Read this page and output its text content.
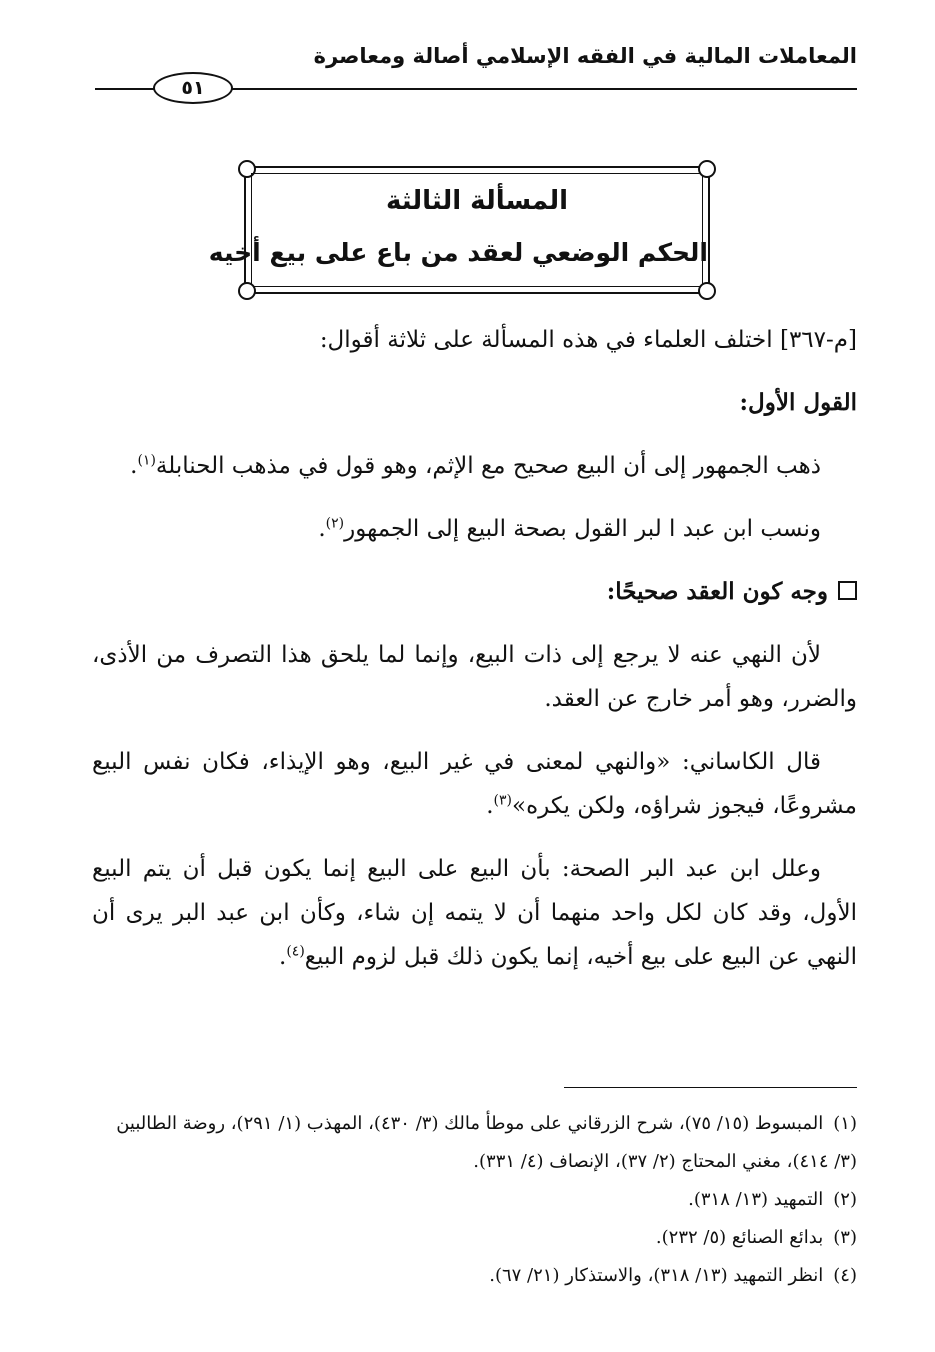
المعاملات المالية في الفقه الإسلامي أصالة ومعاصرة
٥١
المسألة الثالثة
الحكم الوضعي لعقد من باع على بيع أخيه

[م-٣٦٧] اختلف العلماء في هذه المسألة على ثلاثة أقوال:

القول الأول:

ذهب الجمهور إلى أن البيع صحيح مع الإثم، وهو قول في مذهب الحنابلة$^{(١)}$.

ونسب ابن عبد ا لبر القول بصحة البيع إلى الجمهور$^{(٢)}$.

وجه كون العقد صحيحًا:

لأن النهي عنه لا يرجع إلى ذات البيع، وإنما لما يلحق هذا التصرف من الأذى، والضرر، وهو أمر خارج عن العقد.

قال الكاساني: «والنهي لمعنى في غير البيع، وهو الإيذاء، فكان نفس البيع مشروعًا، فيجوز شراؤه، ولكن يكره»$^{(٣)}$.

وعلل ابن عبد البر الصحة: بأن البيع على البيع إنما يكون قبل أن يتم البيع الأول، وقد كان لكل واحد منهما أن لا يتمه إن شاء، وكأن ابن عبد البر يرى أن النهي عن البيع على بيع أخيه، إنما يكون ذلك قبل لزوم البيع$^{(٤)}$.

(١)المبسوط (١٥/ ٧٥)، شرح الزرقاني على موطأ مالك (٣/ ٤٣٠)، المهذب (١/ ٢٩١)، روضة الطالبين (٣/ ٤١٤)، مغني المحتاج (٢/ ٣٧)، الإنصاف (٤/ ٣٣١).

(٢)التمهيد (١٣/ ٣١٨).

(٣)بدائع الصنائع (٥/ ٢٣٢).

(٤)انظر التمهيد (١٣/ ٣١٨)، والاستذكار (٢١/ ٦٧).
